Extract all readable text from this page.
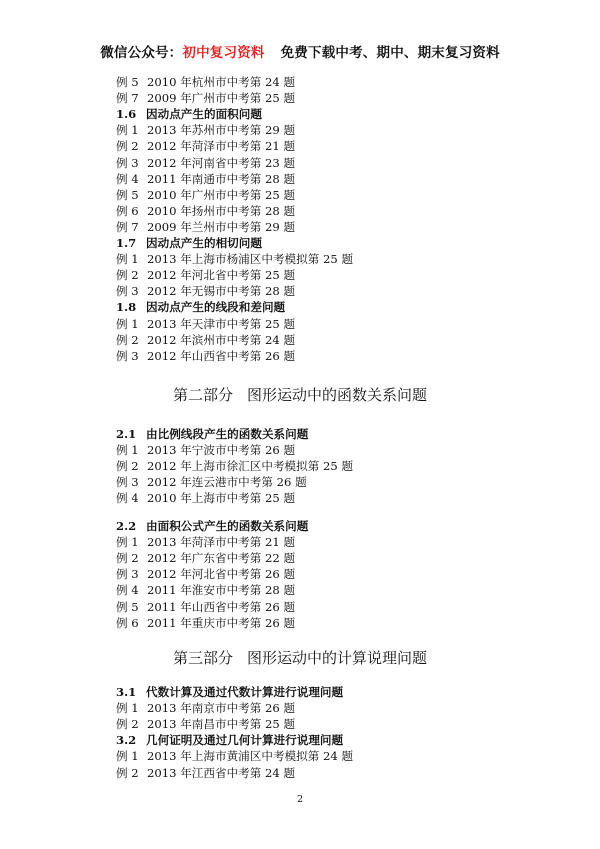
微信公众号：初中复习资料 免费下载中考、期中、期末复习资料
例 5 2010 年杭州市中考第 24 题
例 7 2009 年广州市中考第 25 题
1.6 因动点产生的面积问题
例 1 2013 年苏州市中考第 29 题
例 2 2012 年菏泽市中考第 21 题
例 3 2012 年河南省中考第 23 题
例 4 2011 年南通市中考第 28 题
例 5 2010 年广州市中考第 25 题
例 6 2010 年扬州市中考第 28 题
例 7 2009 年兰州市中考第 29 题
1.7 因动点产生的相切问题
例 1 2013 年上海市杨浦区中考模拟第 25 题
例 2 2012 年河北省中考第 25 题
例 3 2012 年无锡市中考第 28 题
1.8 因动点产生的线段和差问题
例 1 2013 年天津市中考第 25 题
例 2 2012 年滨州市中考第 24 题
例 3 2012 年山西省中考第 26 题
第二部分 图形运动中的函数关系问题
2.1 由比例线段产生的函数关系问题
例 1 2013 年宁波市中考第 26 题
例 2 2012 年上海市徐汇区中考模拟第 25 题
例 3 2012 年连云港市中考第 26 题
例 4 2010 年上海市中考第 25 题
2.2 由面积公式产生的函数关系问题
例 1 2013 年菏泽市中考第 21 题
例 2 2012 年广东省中考第 22 题
例 3 2012 年河北省中考第 26 题
例 4 2011 年淮安市中考第 28 题
例 5 2011 年山西省中考第 26 题
例 6 2011 年重庆市中考第 26 题
第三部分 图形运动中的计算说理问题
3.1 代数计算及通过代数计算进行说理问题
例 1 2013 年南京市中考第 26 题
例 2 2013 年南昌市中考第 25 题
3.2 几何证明及通过几何计算进行说理问题
例 1 2013 年上海市黄浦区中考模拟第 24 题
例 2 2013 年江西省中考第 24 题
2
